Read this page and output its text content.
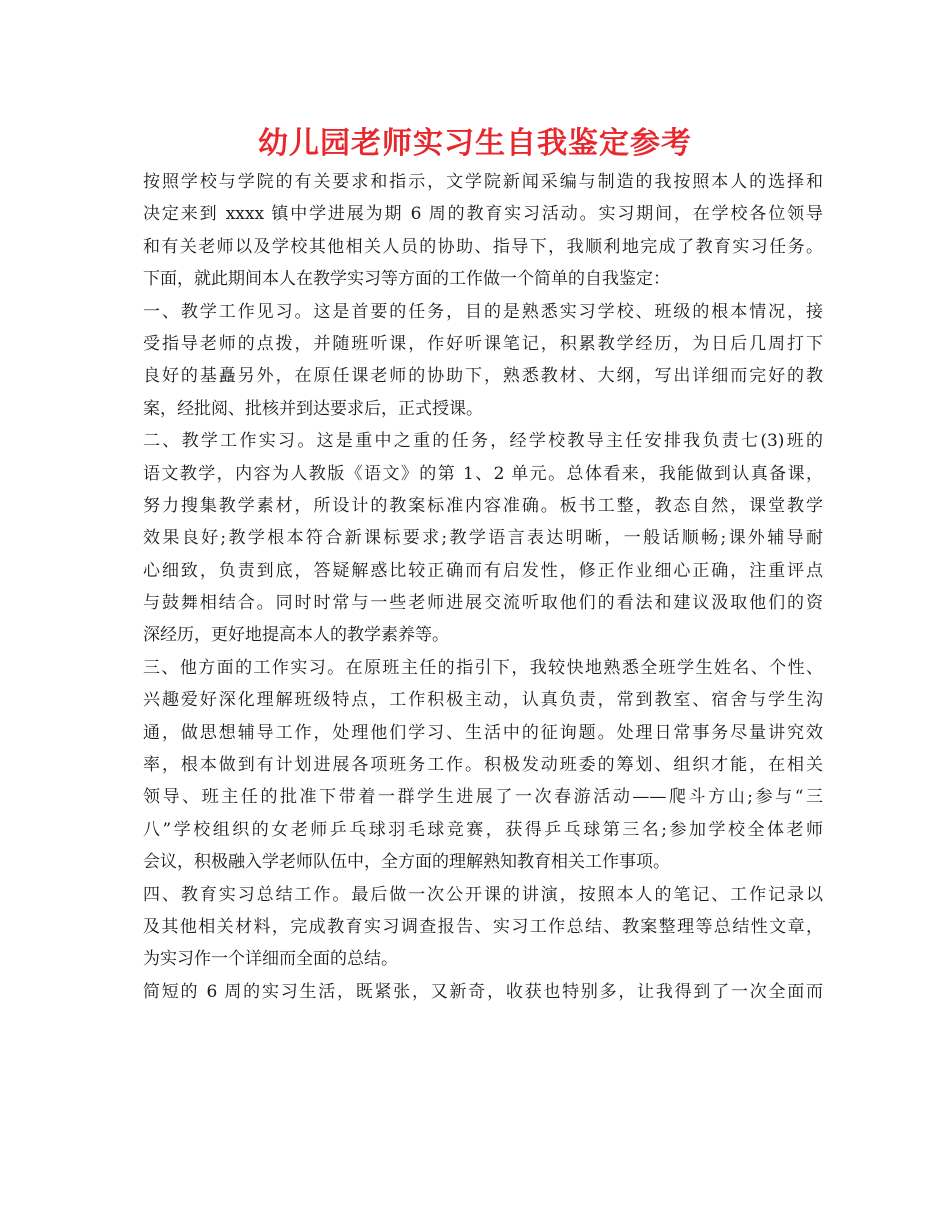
幼儿园老师实习生自我鉴定参考
按照学校与学院的有关要求和指示，文学院新闻采编与制造的我按照本人的选择和
决定来到 xxxx 镇中学进展为期 6 周的教育实习活动。实习期间，在学校各位领导
和有关老师以及学校其他相关人员的协助、指导下，我顺利地完成了教育实习任务。
下面，就此期间本人在教学实习等方面的工作做一个简单的自我鉴定：
一、教学工作见习。这是首要的任务，目的是熟悉实习学校、班级的根本情况，接
受指导老师的点拨，并随班听课，作好听课笔记，积累教学经历，为日后几周打下
良好的基矗另外，在原任课老师的协助下，熟悉教材、大纲，写出详细而完好的教
案，经批阅、批核并到达要求后，正式授课。
二、教学工作实习。这是重中之重的任务，经学校教导主任安排我负责七(3)班的
语文教学，内容为人教版《语文》的第 1、2 单元。总体看来，我能做到认真备课，
努力搜集教学素材，所设计的教案标准内容准确。板书工整，教态自然，课堂教学
效果良好;教学根本符合新课标要求;教学语言表达明晰，一般话顺畅;课外辅导耐
心细致，负责到底，答疑解惑比较正确而有启发性，修正作业细心正确，注重评点
与鼓舞相结合。同时时常与一些老师进展交流听取他们的看法和建议汲取他们的资
深经历，更好地提高本人的教学素养等。
三、他方面的工作实习。在原班主任的指引下，我较快地熟悉全班学生姓名、个性、
兴趣爱好深化理解班级特点，工作积极主动，认真负责，常到教室、宿舍与学生沟
通，做思想辅导工作，处理他们学习、生活中的征询题。处理日常事务尽量讲究效
率，根本做到有计划进展各项班务工作。积极发动班委的筹划、组织才能，在相关
领导、班主任的批准下带着一群学生进展了一次春游活动——爬斗方山;参与“三
八”学校组织的女老师乒乓球羽毛球竞赛，获得乒乓球第三名;参加学校全体老师
会议，积极融入学老师队伍中，全方面的理解熟知教育相关工作事项。
四、教育实习总结工作。最后做一次公开课的讲演，按照本人的笔记、工作记录以
及其他相关材料，完成教育实习调查报告、实习工作总结、教案整理等总结性文章，
为实习作一个详细而全面的总结。
简短的 6 周的实习生活，既紧张，又新奇，收获也特别多，让我得到了一次全面而
